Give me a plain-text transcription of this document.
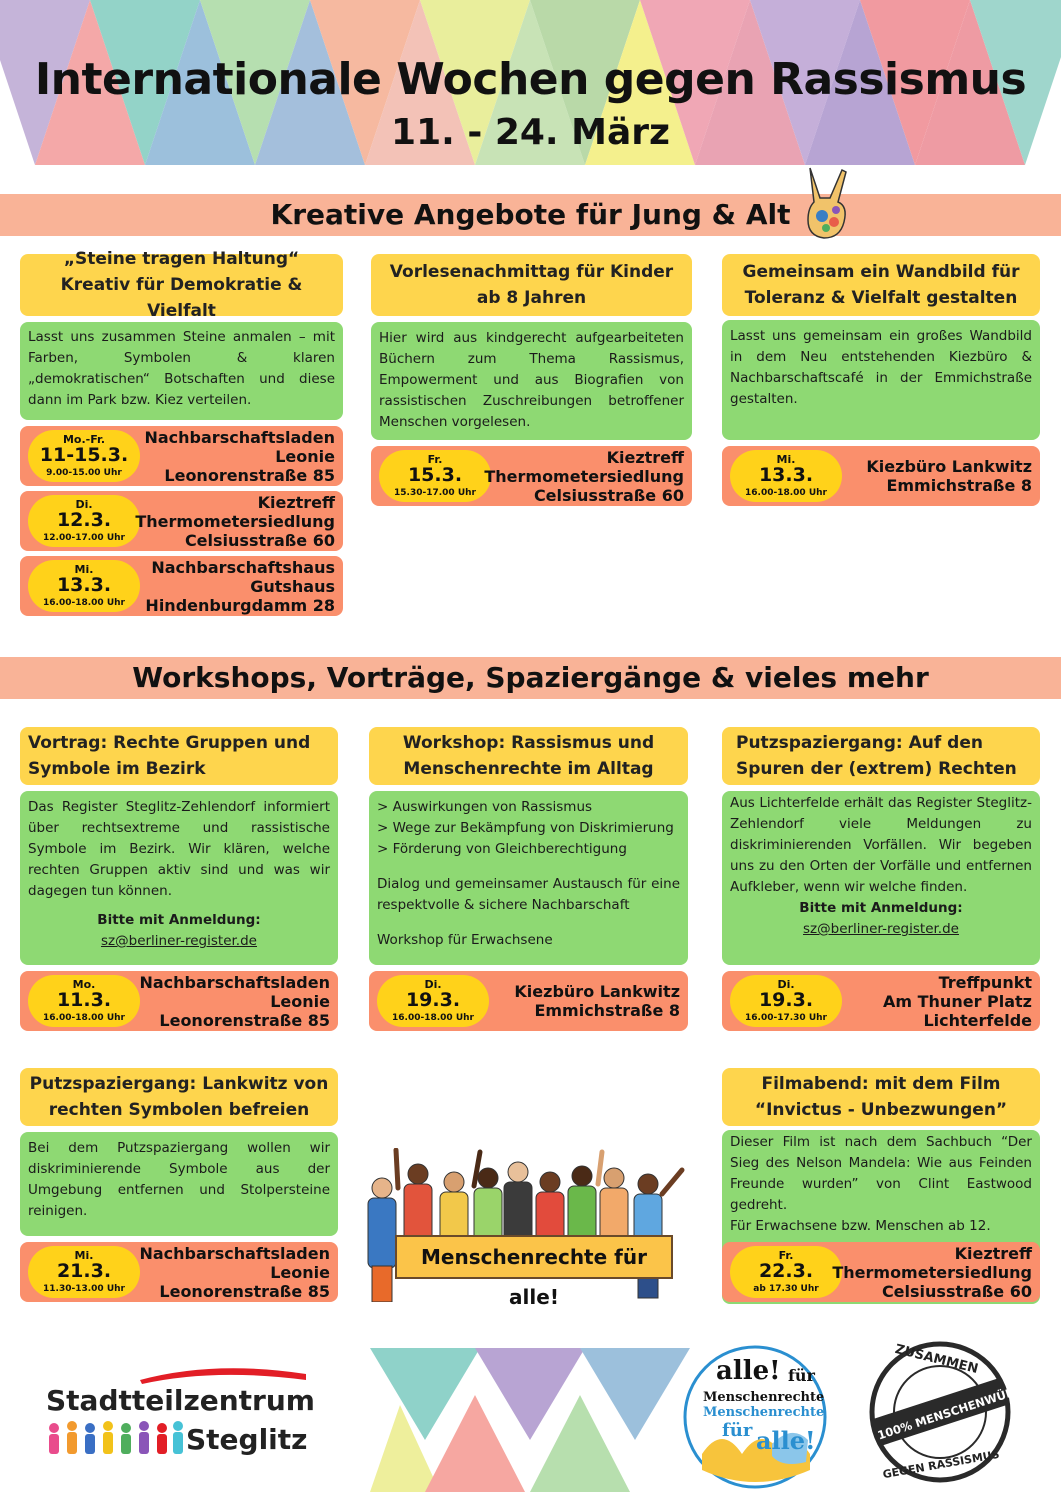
Internationale Wochen gegen Rassismus
11. - 24. März
Kreative Angebote für Jung & Alt
„Steine tragen Haltung“
Kreativ für Demokratie & Vielfalt

Lasst uns zusammen Steine anmalen – mit Farben, Symbolen & klaren „demokratischen“ Botschaften und diese dann im Park bzw. Kiez verteilen.

Mo.-Fr.
11-15.3.
9.00-15.00 Uhr
Nachbarschaftsladen
Leonie
Leonorenstraße 85
Di.
12.3.
12.00-17.00 Uhr
Kieztreff
Thermometersiedlung
Celsiusstraße 60
Mi.
13.3.
16.00-18.00 Uhr
Nachbarschaftshaus
Gutshaus
Hindenburgdamm 28
Vorlesenachmittag für Kinder
ab 8 Jahren

Hier wird aus kindgerecht aufgearbeiteten Büchern zum Thema Rassismus, Empowerment und aus Biografien von rassistischen Zuschreibungen betroffener Menschen vorgelesen.

Fr.
15.3.
15.30-17.00 Uhr
Kieztreff
Thermometersiedlung
Celsiusstraße 60
Gemeinsam ein Wandbild für
Toleranz & Vielfalt gestalten

Lasst uns gemeinsam ein großes Wandbild in dem Neu entstehenden Kiezbüro & Nachbarschaftscafé in der Emmichstraße gestalten.

Mi.
13.3.
16.00-18.00 Uhr
Kiezbüro Lankwitz
Emmichstraße 8
Workshops, Vorträge, Spaziergänge & vieles mehr
Vortrag: Rechte Gruppen und
Symbole im Bezirk

Das Register Steglitz-Zehlendorf informiert über rechtsextreme und rassistische Symbole im Bezirk. Wir klären, welche rechten Gruppen aktiv sind und was wir dagegen tun können.

Bitte mit Anmeldung:

sz@berliner-register.de

Mo.
11.3.
16.00-18.00 Uhr
Nachbarschaftsladen
Leonie
Leonorenstraße 85
Workshop: Rassismus und
Menschenrechte im Alltag

> Auswirkungen von Rassismus

> Wege zur Bekämpfung von Diskrimierung

> Förderung von Gleichberechtigung

Dialog und gemeinsamer Austausch für eine respektvolle & sichere Nachbarschaft

Workshop für Erwachsene

Di.
19.3.
16.00-18.00 Uhr
Kiezbüro Lankwitz
Emmichstraße 8
Putzspaziergang: Auf den
Spuren der (extrem) Rechten

Aus Lichterfelde erhält das Register Steglitz-Zehlendorf viele Meldungen zu diskriminierenden Vorfällen. Wir begeben uns zu den Orten der Vorfälle und entfernen Aufkleber, wenn wir welche finden.

Bitte mit Anmeldung:

sz@berliner-register.de

Di.
19.3.
16.00-17.30 Uhr
Treffpunkt
Am Thuner Platz
Lichterfelde
Putzspaziergang: Lankwitz von
rechten Symbolen befreien

Bei dem Putzspaziergang wollen wir diskriminierende Symbole aus der Umgebung entfernen und Stolpersteine reinigen.

Mi.
21.3.
11.30-13.00 Uhr
Nachbarschaftsladen
Leonie
Leonorenstraße 85
Filmabend: mit dem Film
“Invictus - Unbezwungen”

Dieser Film ist nach dem Sachbuch “Der Sieg des Nelson Mandela: Wie aus Feinden Freunde wurden” von Clint Eastwood gedreht.

Für Erwachsene bzw. Menschen ab 12.

Fr.
22.3.
ab 17.30 Uhr
Kieztreff
Thermometersiedlung
Celsiusstraße 60
Menschenrechte für alle!
Stadtteilzentrum
Steglitz
alle! für
Menschenrechte
Menschenrechte
für alle!
ZUSAMMEN
100% MENSCHENWÜRDE
GEGEN RASSISMUS
